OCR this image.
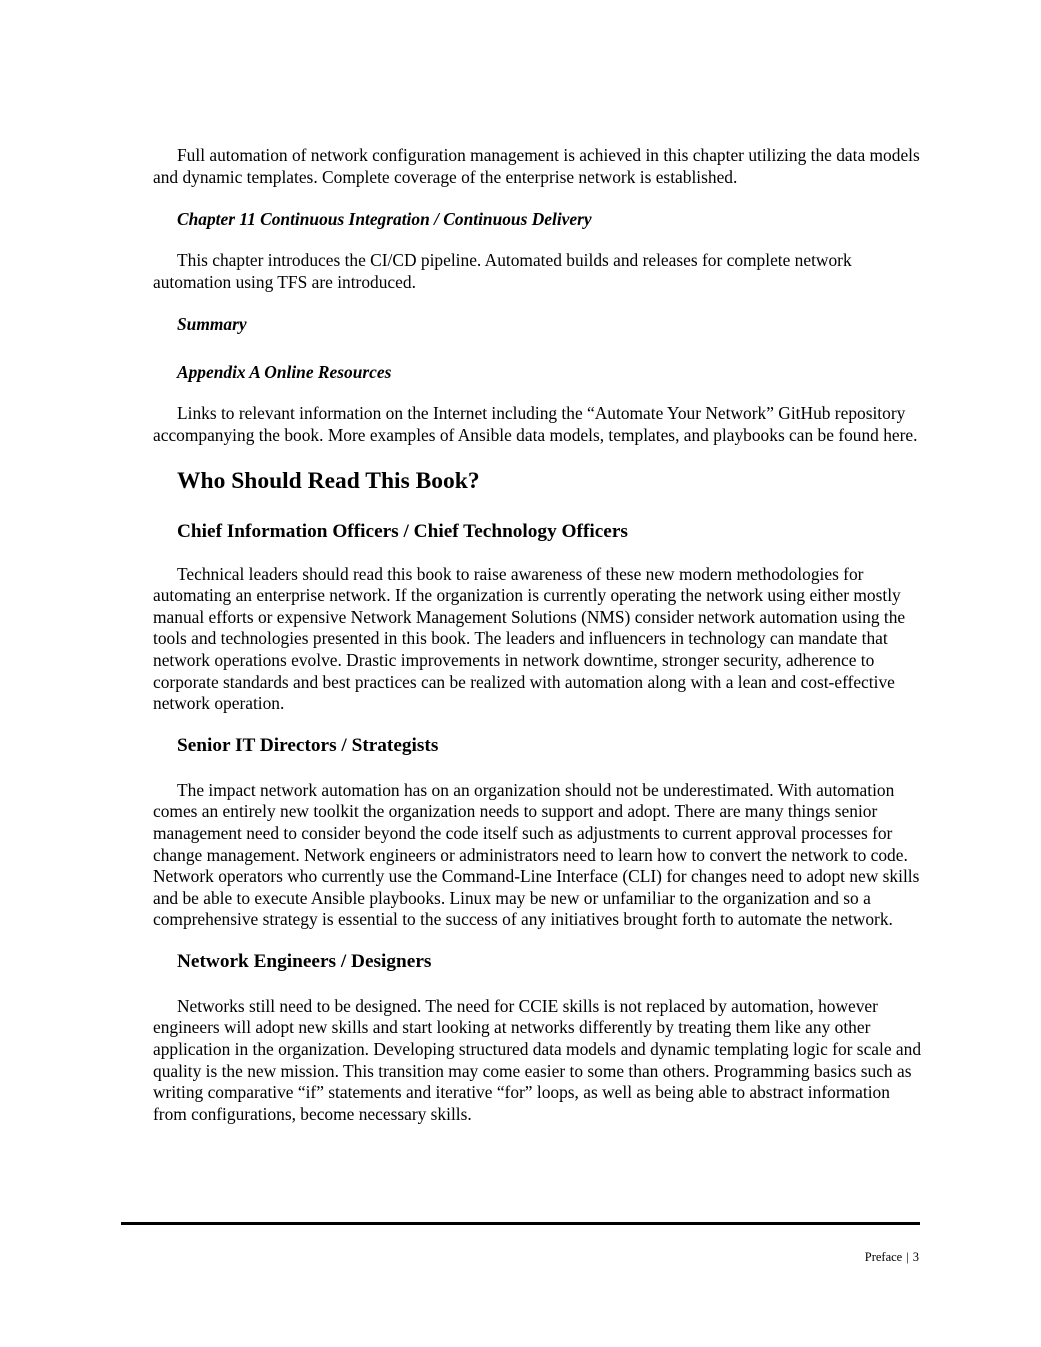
Full automation of network configuration management is achieved in this chapter utilizing the data models and dynamic templates. Complete coverage of the enterprise network is established.

Chapter 11 Continuous Integration / Continuous Delivery

This chapter introduces the CI/CD pipeline. Automated builds and releases for complete network automation using TFS are introduced.

Summary

Appendix A Online Resources

Links to relevant information on the Internet including the “Automate Your Network” GitHub repository accompanying the book. More examples of Ansible data models, templates, and playbooks can be found here.

Who Should Read This Book?
Chief Information Officers / Chief Technology Officers

Technical leaders should read this book to raise awareness of these new modern methodologies for automating an enterprise network. If the organization is currently operating the network using either mostly manual efforts or expensive Network Management Solutions (NMS) consider network automation using the tools and technologies presented in this book. The leaders and influencers in technology can mandate that network operations evolve. Drastic improvements in network downtime, stronger security, adherence to corporate standards and best practices can be realized with automation along with a lean and cost-effective network operation.

Senior IT Directors / Strategists

The impact network automation has on an organization should not be underestimated. With automation comes an entirely new toolkit the organization needs to support and adopt. There are many things senior management need to consider beyond the code itself such as adjustments to current approval processes for change management. Network engineers or administrators need to learn how to convert the network to code. Network operators who currently use the Command-Line Interface (CLI) for changes need to adopt new skills and be able to execute Ansible playbooks. Linux may be new or unfamiliar to the organization and so a comprehensive strategy is essential to the success of any initiatives brought forth to automate the network.

Network Engineers / Designers

Networks still need to be designed. The need for CCIE skills is not replaced by automation, however engineers will adopt new skills and start looking at networks differently by treating them like any other application in the organization. Developing structured data models and dynamic templating logic for scale and quality is the new mission. This transition may come easier to some than others. Programming basics such as writing comparative “if” statements and iterative “for” loops, as well as being able to abstract information from configurations, become necessary skills.

Preface | 3
